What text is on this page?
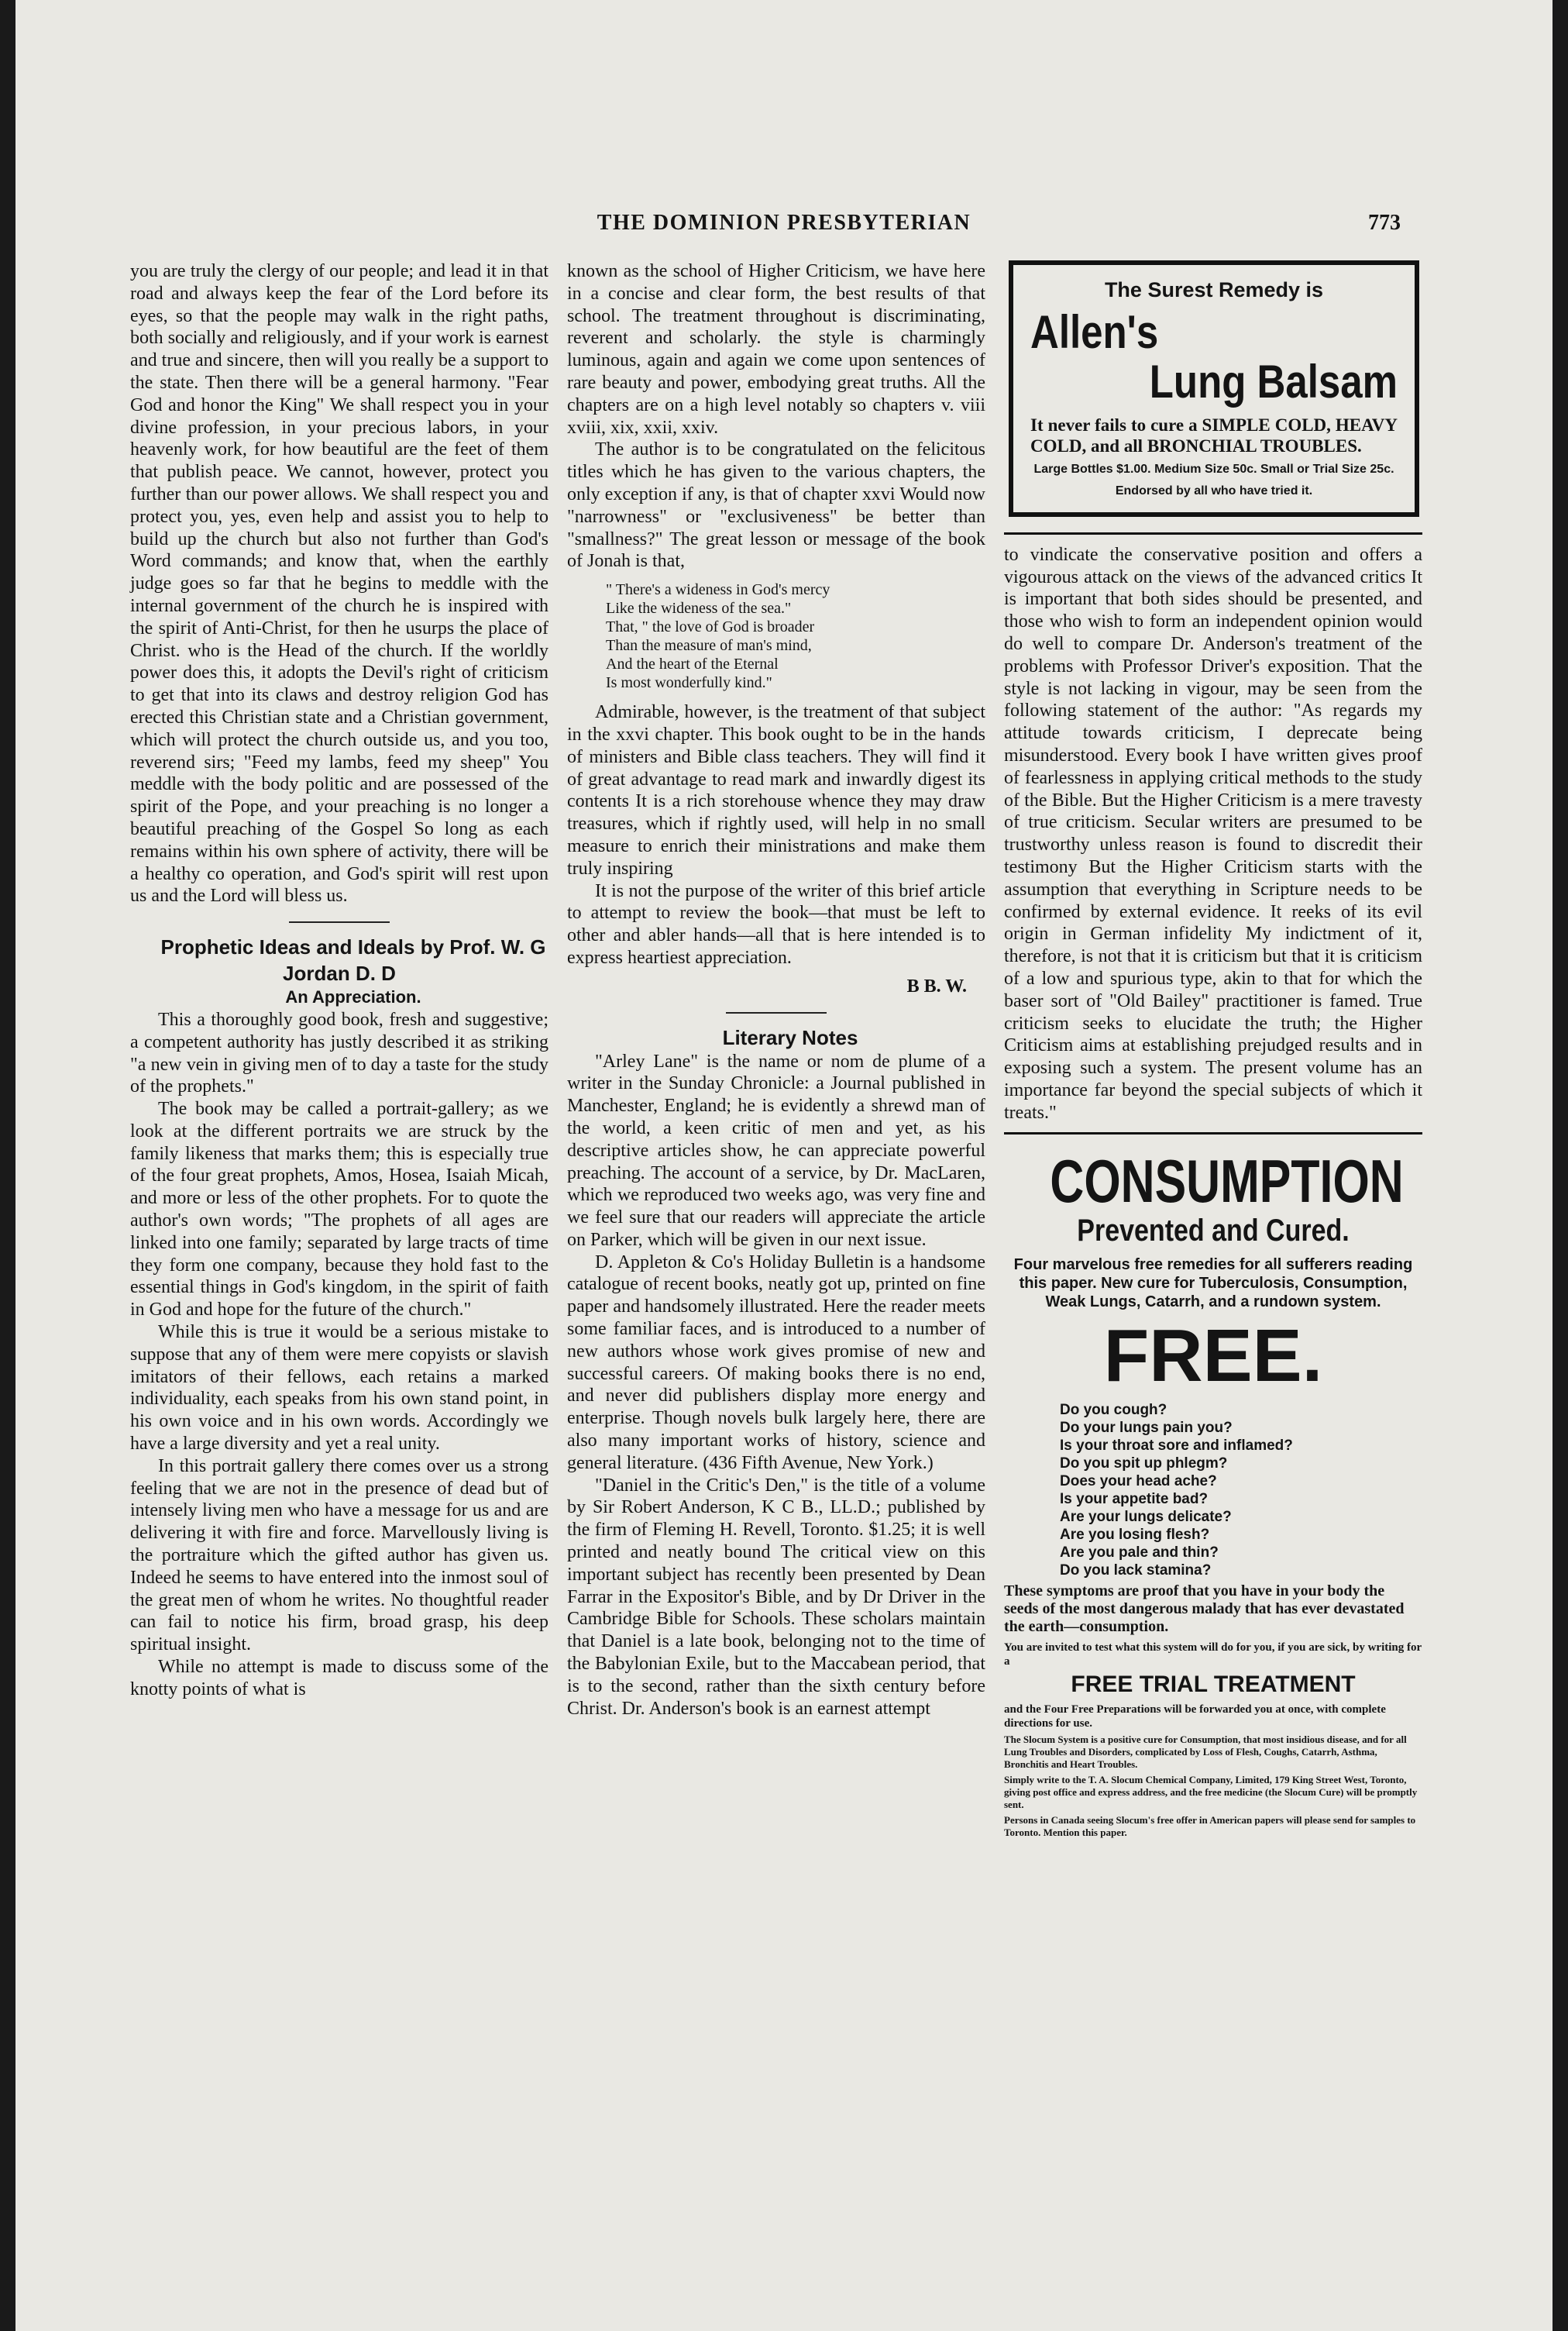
THE DOMINION PRESBYTERIAN	773

you are truly the clergy of our people; and lead it in that road and always keep the fear of the Lord before its eyes, so that the people may walk in the right paths, both socially and religiously, and if your work is earnest and true and sincere, then will you really be a support to the state. Then there will be a general harmony. "Fear God and honor the King" We shall respect you in your divine profession, in your precious labors, in your heavenly work, for how beautiful are the feet of them that publish peace. We cannot, however, protect you further than our power allows. We shall respect you and protect you, yes, even help and assist you to help to build up the church but also not further than God's Word commands; and know that, when the earthly judge goes so far that he begins to meddle with the internal government of the church he is inspired with the spirit of Anti-Christ, for then he usurps the place of Christ. who is the Head of the church. If the worldly power does this, it adopts the Devil's right of criticism to get that into its claws and destroy religion God has erected this Christian state and a Christian government, which will protect the church outside us, and you too, reverend sirs; "Feed my lambs, feed my sheep" You meddle with the body politic and are possessed of the spirit of the Pope, and your preaching is no longer a beautiful preaching of the Gospel So long as each remains within his own sphere of activity, there will be a healthy co operation, and God's spirit will rest upon us and the Lord will bless us.

Prophetic Ideas and Ideals by Prof. W. G Jordan D. D

An Appreciation.

This a thoroughly good book, fresh and suggestive; a competent authority has justly described it as striking "a new vein in giving men of to day a taste for the study of the prophets."

The book may be called a portrait-gallery; as we look at the different portraits we are struck by the family likeness that marks them; this is especially true of the four great prophets, Amos, Hosea, Isaiah Micah, and more or less of the other prophets. For to quote the author's own words; "The prophets of all ages are linked into one family; separated by large tracts of time they form one company, because they hold fast to the essential things in God's kingdom, in the spirit of faith in God and hope for the future of the church."

While this is true it would be a serious mistake to suppose that any of them were mere copyists or slavish imitators of their fellows, each retains a marked individuality, each speaks from his own stand point, in his own voice and in his own words. Accordingly we have a large diversity and yet a real unity.

In this portrait gallery there comes over us a strong feeling that we are not in the presence of dead but of intensely living men who have a message for us and are delivering it with fire and force. Marvellously living is the portraiture which the gifted author has given us. Indeed he seems to have entered into the inmost soul of the great men of whom he writes. No thoughtful reader can fail to notice his firm, broad grasp, his deep spiritual insight.

While no attempt is made to discuss some of the knotty points of what is

known as the school of Higher Criticism, we have here in a concise and clear form, the best results of that school. The treatment throughout is discriminating, reverent and scholarly. the style is charmingly luminous, again and again we come upon sentences of rare beauty and power, embodying great truths. All the chapters are on a high level notably so chapters v. viii xviii, xix, xxii, xxiv.

The author is to be congratulated on the felicitous titles which he has given to the various chapters, the only exception if any, is that of chapter xxvi Would now "narrowness" or "exclusiveness" be better than "smallness?" The great lesson or message of the book of Jonah is that,

" There's a wideness in God's mercy
Like the wideness of the sea."
That, " the love of God is broader
Than the measure of man's mind,
And the heart of the Eternal
Is most wonderfully kind."

Admirable, however, is the treatment of that subject in the xxvi chapter. This book ought to be in the hands of ministers and Bible class teachers. They will find it of great advantage to read mark and inwardly digest its contents It is a rich storehouse whence they may draw treasures, which if rightly used, will help in no small measure to enrich their ministrations and make them truly inspiring

It is not the purpose of the writer of this brief article to attempt to review the book—that must be left to other and abler hands—all that is here intended is to express heartiest appreciation.

B B. W.

Literary Notes

"Arley Lane" is the name or nom de plume of a writer in the Sunday Chronicle: a Journal published in Manchester, England; he is evidently a shrewd man of the world, a keen critic of men and yet, as his descriptive articles show, he can appreciate powerful preaching. The account of a service, by Dr. MacLaren, which we reproduced two weeks ago, was very fine and we feel sure that our readers will appreciate the article on Parker, which will be given in our next issue.

D. Appleton & Co's Holiday Bulletin is a handsome catalogue of recent books, neatly got up, printed on fine paper and handsomely illustrated. Here the reader meets some familiar faces, and is introduced to a number of new authors whose work gives promise of new and successful careers. Of making books there is no end, and never did publishers display more energy and enterprise. Though novels bulk largely here, there are also many important works of history, science and general literature. (436 Fifth Avenue, New York.)

"Daniel in the Critic's Den," is the title of a volume by Sir Robert Anderson, K C B., LL.D.; published by the firm of Fleming H. Revell, Toronto. $1.25; it is well printed and neatly bound The critical view on this important subject has recently been presented by Dean Farrar in the Expositor's Bible, and by Dr Driver in the Cambridge Bible for Schools. These scholars maintain that Daniel is a late book, belonging not to the time of the Babylonian Exile, but to the Maccabean period, that is to the second, rather than the sixth century before Christ. Dr. Anderson's book is an earnest attempt

The Surest Remedy is
Allen's
Lung Balsam
It never fails to cure a SIMPLE COLD, HEAVY COLD, and all BRONCHIAL TROUBLES.
Large Bottles $1.00. Medium Size 50c. Small or Trial Size 25c.
Endorsed by all who have tried it.

to vindicate the conservative position and offers a vigourous attack on the views of the advanced critics It is important that both sides should be presented, and those who wish to form an independent opinion would do well to compare Dr. Anderson's treatment of the problems with Professor Driver's exposition. That the style is not lacking in vigour, may be seen from the following statement of the author: "As regards my attitude towards criticism, I deprecate being misunderstood. Every book I have written gives proof of fearlessness in applying critical methods to the study of the Bible. But the Higher Criticism is a mere travesty of true criticism. Secular writers are presumed to be trustworthy unless reason is found to discredit their testimony But the Higher Criticism starts with the assumption that everything in Scripture needs to be confirmed by external evidence. It reeks of its evil origin in German infidelity My indictment of it, therefore, is not that it is criticism but that it is criticism of a low and spurious type, akin to that for which the baser sort of "Old Bailey" practitioner is famed. True criticism seeks to elucidate the truth; the Higher Criticism aims at establishing prejudged results and in exposing such a system. The present volume has an importance far beyond the special subjects of which it treats."

CONSUMPTION
Prevented and Cured.
Four marvelous free remedies for all sufferers reading this paper. New cure for Tuberculosis, Consumption, Weak Lungs, Catarrh, and a rundown system.
FREE.
Do you cough?
Do your lungs pain you?
Is your throat sore and inflamed?
Do you spit up phlegm?
Does your head ache?
Is your appetite bad?
Are your lungs delicate?
Are you losing flesh?
Are you pale and thin?
Do you lack stamina?
These symptoms are proof that you have in your body the seeds of the most dangerous malady that has ever devastated the earth—consumption.
You are invited to test what this system will do for you, if you are sick, by writing for a
FREE TRIAL TREATMENT
and the Four Free Preparations will be forwarded you at once, with complete directions for use.
The Slocum System is a positive cure for Consumption, that most insidious disease, and for all Lung Troubles and Disorders, complicated by Loss of Flesh, Coughs, Catarrh, Asthma, Bronchitis and Heart Troubles.
Simply write to the T. A. Slocum Chemical Company, Limited, 179 King Street West, Toronto, giving post office and express address, and the free medicine (the Slocum Cure) will be promptly sent.
Persons in Canada seeing Slocum's free offer in American papers will please send for samples to Toronto. Mention this paper.
